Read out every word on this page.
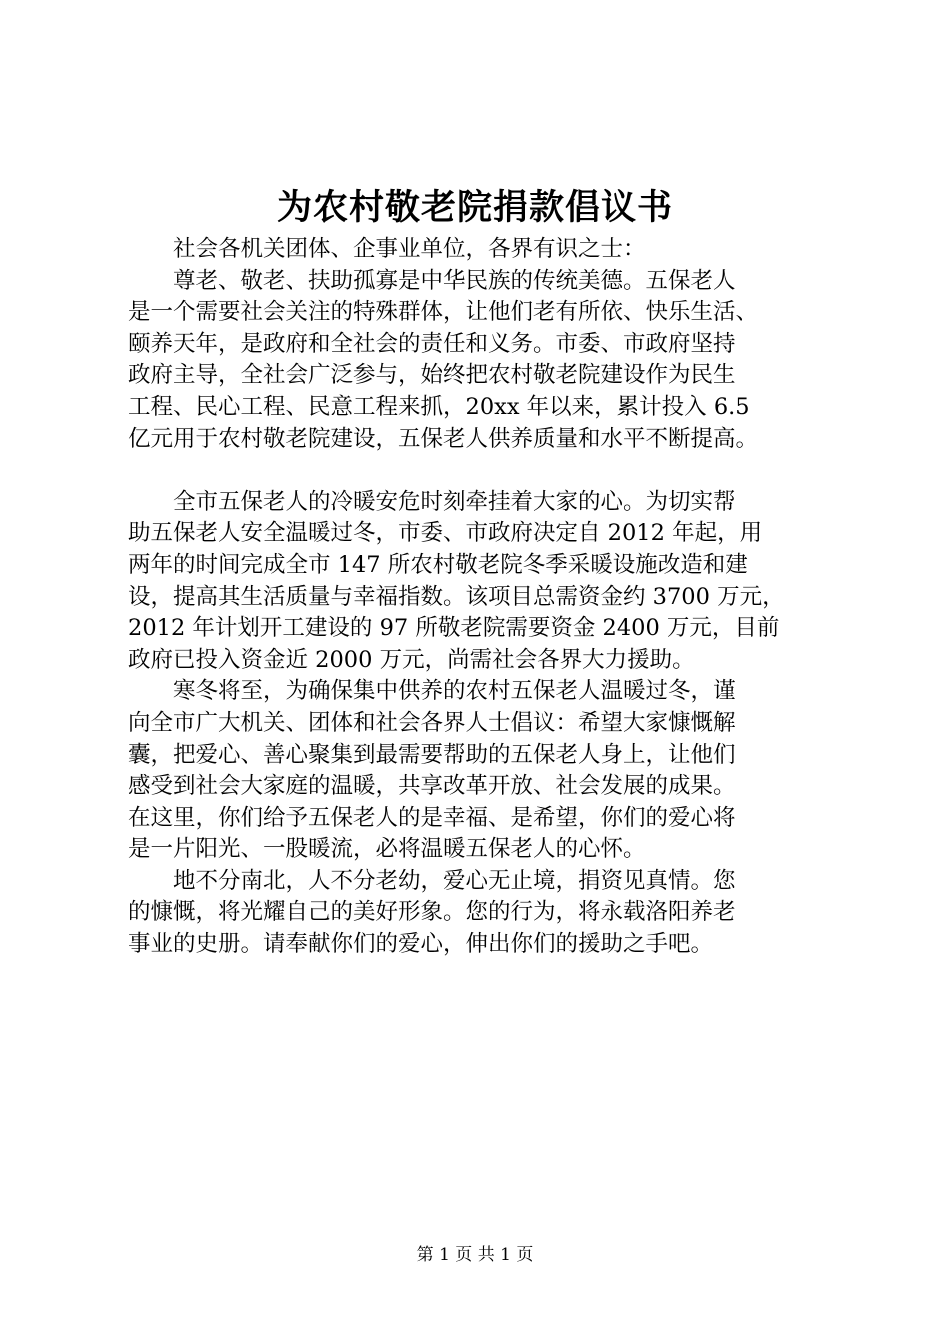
为农村敬老院捐款倡议书
社会各机关团体、企事业单位，各界有识之士：
尊老、敬老、扶助孤寡是中华民族的传统美德。五保老人
是一个需要社会关注的特殊群体，让他们老有所依、快乐生活、
颐养天年，是政府和全社会的责任和义务。市委、市政府坚持
政府主导，全社会广泛参与，始终把农村敬老院建设作为民生
工程、民心工程、民意工程来抓，20xx 年以来，累计投入 6.5
亿元用于农村敬老院建设，五保老人供养质量和水平不断提高。
全市五保老人的冷暖安危时刻牵挂着大家的心。为切实帮
助五保老人安全温暖过冬，市委、市政府决定自 2012 年起，用
两年的时间完成全市 147 所农村敬老院冬季采暖设施改造和建
设，提高其生活质量与幸福指数。该项目总需资金约 3700 万元，
2012 年计划开工建设的 97 所敬老院需要资金 2400 万元，目前
政府已投入资金近 2000 万元，尚需社会各界大力援助。
寒冬将至，为确保集中供养的农村五保老人温暖过冬，谨
向全市广大机关、团体和社会各界人士倡议：希望大家慷慨解
囊，把爱心、善心聚集到最需要帮助的五保老人身上，让他们
感受到社会大家庭的温暖，共享改革开放、社会发展的成果。
在这里，你们给予五保老人的是幸福、是希望，你们的爱心将
是一片阳光、一股暖流，必将温暖五保老人的心怀。
地不分南北，人不分老幼，爱心无止境，捐资见真情。您
的慷慨，将光耀自己的美好形象。您的行为，将永载洛阳养老
事业的史册。请奉献你们的爱心，伸出你们的援助之手吧。
第 1 页 共 1 页
